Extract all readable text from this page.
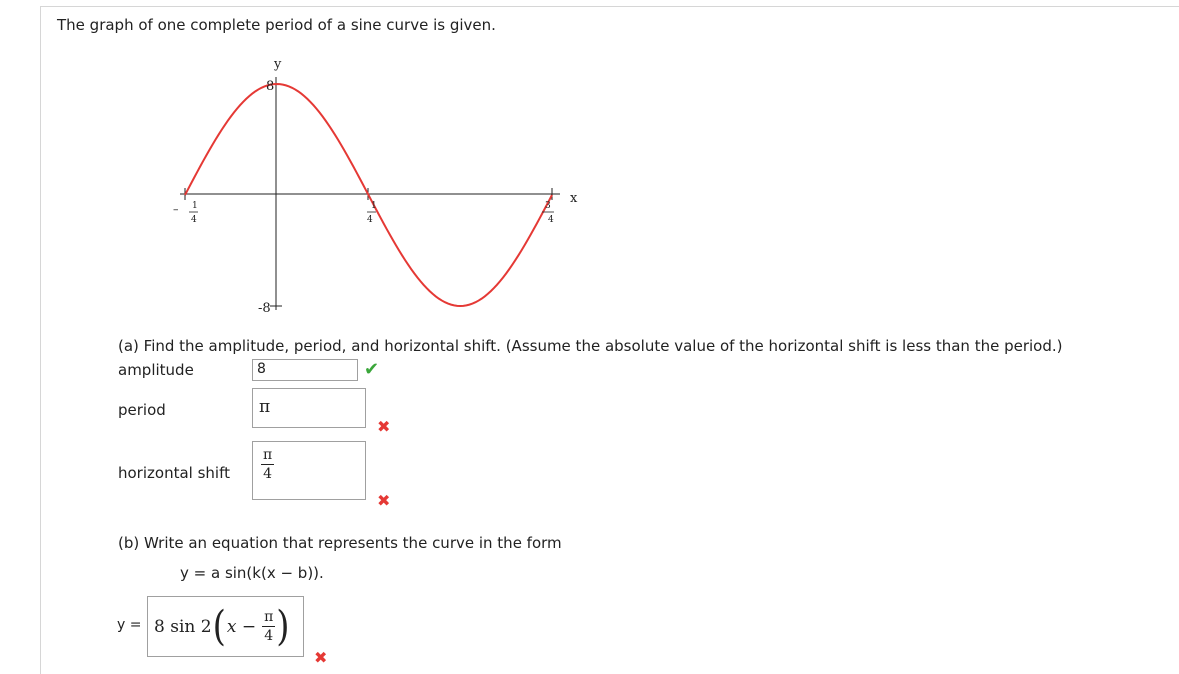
The graph of one complete period of a sine curve is given.
y
x
8
-8
– 1
4
1
4
3
4
(a) Find the amplitude, period, and horizontal shift. (Assume the absolute value of the horizontal shift is less than the period.)
amplitude	8	✔
period	π
✖
horizontal shift $\frac{\pi}{4}$
✖
(b) Write an equation that represents the curve in the form
y = a sin(k(x − b)).
y = 8 sin 2 ( $x - \frac{\pi}{4}$ )
✖
